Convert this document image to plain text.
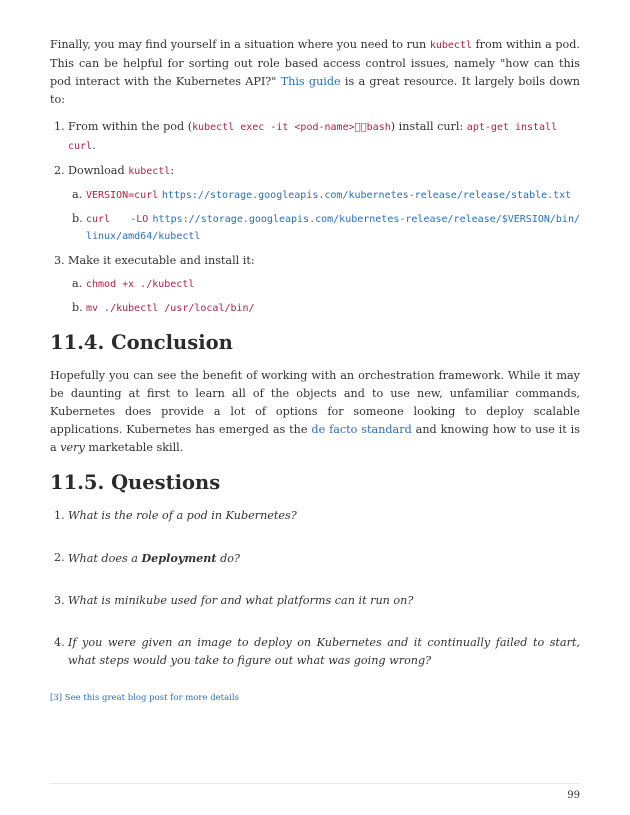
Finally, you may find yourself in a situation where you need to run kubectl from within a pod. This can be helpful for sorting out role based access control issues, namely "how can this pod interact with the Kubernetes API?" This guide is a great resource. It largely boils down to:

1. From within the pod (kubectl exec -it <pod-name>  bash) install curl: apt-get install curl.
2. Download kubectl:
a. VERSION=curl https://storage.googleapis.com/kubernetes-release/release/stable.txt
b. curl   -LO https://storage.googleapis.com/kubernetes-release/release/$VERSION/bin/linux/amd64/kubectl
3. Make it executable and install it:
a. chmod +x ./kubectl
b. mv ./kubectl /usr/local/bin/
11.4. Conclusion

Hopefully you can see the benefit of working with an orchestration framework. While it may be daunting at first to learn all of the objects and to use new, unfamiliar commands, Kubernetes does provide a lot of options for someone looking to deploy scalable applications. Kubernetes has emerged as the de facto standard and knowing how to use it is a very marketable skill.

11.5. Questions
1. What is the role of a pod in Kubernetes?
2. What does a Deployment do?
3. What is minikube used for and what platforms can it run on?
4. If you were given an image to deploy on Kubernetes and it continually failed to start, what steps would you take to figure out what was going wrong?
[3] See this great blog post for more details
99
